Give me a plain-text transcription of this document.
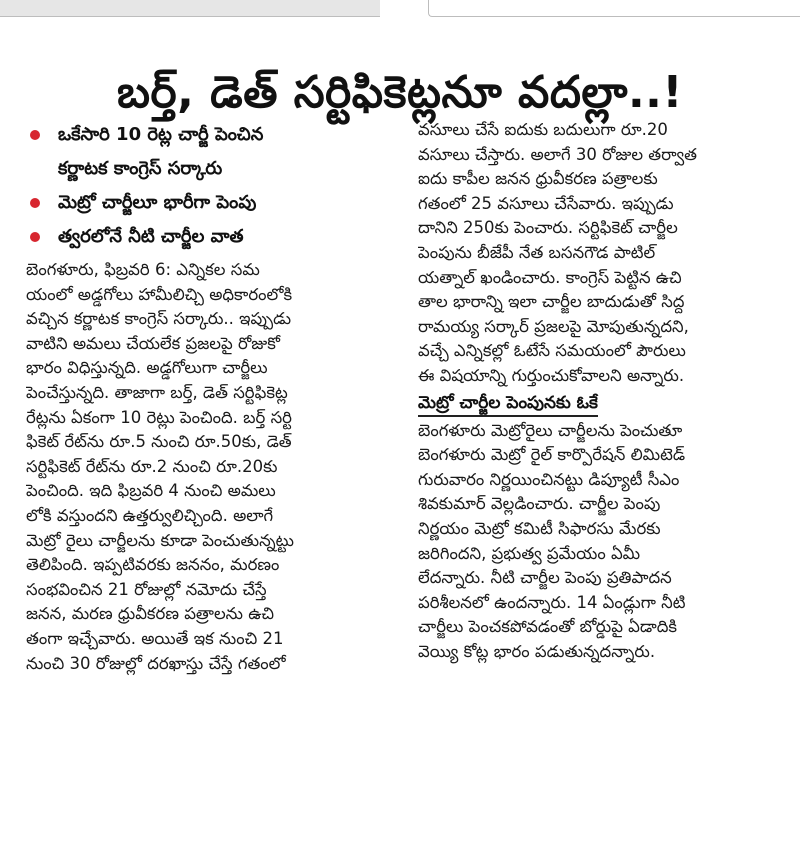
బర్త్, డెత్ సర్టిఫికెట్లనూ వదల్లా..!
ఒకేసారి 10 రెట్ల చార్జీ పెంచిన
కర్ణాటక కాంగ్రెస్ సర్కారు
మెట్రో చార్జీలూ భారీగా పెంపు
త్వరలోనే నీటి చార్జీల వాత
బెంగళూరు, ఫిబ్రవరి 6: ఎన్నికల సమ
యంలో అడ్డగోలు హామీలిచ్చి అధికారంలోకి
వచ్చిన కర్ణాటక కాంగ్రెస్ సర్కారు.. ఇప్పుడు
వాటిని అమలు చేయలేక ప్రజలపై రోజుకో
భారం విధిస్తున్నది. అడ్డగోలుగా చార్జీలు
పెంచేస్తున్నది. తాజాగా బర్త్, డెత్ సర్టిఫికెట్ల
రేట్లను ఏకంగా 10 రెట్లు పెంచింది. బర్త్ సర్టి
ఫికెట్ రేట్‌ను రూ.5 నుంచి రూ.50కు, డెత్
సర్టిఫికెట్ రేట్‌ను రూ.2 నుంచి రూ.20కు
పెంచింది. ఇది ఫిబ్రవరి 4 నుంచి అమలు
లోకి వస్తుందని ఉత్తర్వులిచ్చింది. అలాగే
మెట్రో రైలు చార్జీలను కూడా పెంచుతున్నట్టు
తెలిపింది. ఇప్పటివరకు జననం, మరణం
సంభవించిన 21 రోజుల్లో నమోదు చేస్తే
జనన, మరణ ధ్రువీకరణ పత్రాలను ఉచి
తంగా ఇచ్చేవారు. అయితే ఇక నుంచి 21
నుంచి 30 రోజుల్లో దరఖాస్తు చేస్తే గతంలో
వసూలు చేసే ఐదుకు బదులుగా రూ.20
వసూలు చేస్తారు. అలాగే 30 రోజుల తర్వాత
ఐదు కాపీల జనన ధ్రువీకరణ పత్రాలకు
గతంలో 25 వసూలు చేసేవారు. ఇప్పుడు
దానిని 250కు పెంచారు. సర్టిఫికెట్ చార్జీల
పెంపును బీజేపీ నేత బసనగౌడ పాటిల్
యత్నాల్ ఖండించారు. కాంగ్రెస్ పెట్టిన ఉచి
తాల భారాన్ని ఇలా చార్జీల బాదుడుతో సిద్ద
రామయ్య సర్కార్ ప్రజలపై మోపుతున్నదని,
వచ్చే ఎన్నికల్లో ఓటేసే సమయంలో పౌరులు
ఈ విషయాన్ని గుర్తుంచుకోవాలని అన్నారు.
మెట్రో చార్జీల పెంపునకు ఓకే
బెంగళూరు మెట్రోరైలు చార్జీలను పెంచుతూ
బెంగళూరు మెట్రో రైల్ కార్పొరేషన్ లిమిటెడ్
గురువారం నిర్ణయించినట్టు డిప్యూటీ సీఎం
శివకుమార్ వెల్లడించారు. చార్జీల పెంపు
నిర్ణయం మెట్రో కమిటీ సిఫారసు మేరకు
జరిగిందని, ప్రభుత్వ ప్రమేయం ఏమీ
లేదన్నారు. నీటి చార్జీల పెంపు ప్రతిపాదన
పరిశీలనలో ఉందన్నారు. 14 ఏండ్లుగా నీటి
చార్జీలు పెంచకపోవడంతో బోర్డుపై ఏడాదికి
వెయ్యి కోట్ల భారం పడుతున్నదన్నారు.
